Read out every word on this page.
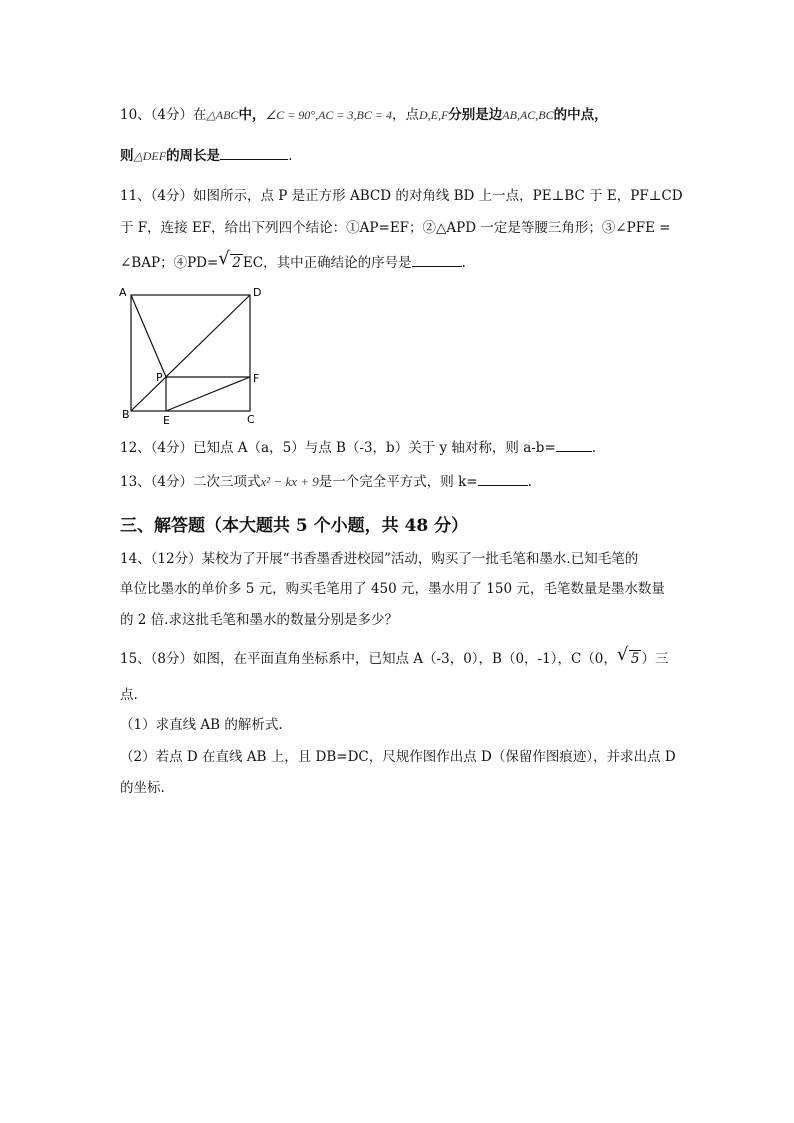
10、（4分）在△ABC中，∠C = 90°,AC = 3,BC = 4，点D,E,F分别是边AB,AC,BC的中点，
则△DEF的周长是	.
11、（4分）如图所示，点 P 是正方形 ABCD 的对角线 BD 上一点，PE⊥BC 于 E，PF⊥CD
于 F，连接 EF，给出下列四个结论：①AP=EF；②△APD 一定是等腰三角形；③∠PFE =
∠BAP；④PD= √ 2 EC，其中正确结论的序号是	.
A	D
P	F
B	E	C
12、（4分）已知点 A（a，5）与点 B（-3，b）关于 y 轴对称，则 a-b=	.
13、（4分）二次三项式x² − kx + 9是一个完全平方式，则 k=	.
三、解答题（本大题共 5 个小题，共 48 分）
14、（12分）某校为了开展“书香墨香进校园”活动，购买了一批毛笔和墨水.已知毛笔的
单位比墨水的单价多 5 元，购买毛笔用了 450 元，墨水用了 150 元，毛笔数量是墨水数量
的 2 倍.求这批毛笔和墨水的数量分别是多少？
15、（8分）如图，在平面直角坐标系中，已知点 A（-3，0），B（0，-1），C（0， √ 5 ）三
点.
（1）求直线 AB 的解析式.
（2）若点 D 在直线 AB 上，且 DB=DC，尺规作图作出点 D（保留作图痕迹），并求出点 D
的坐标.
